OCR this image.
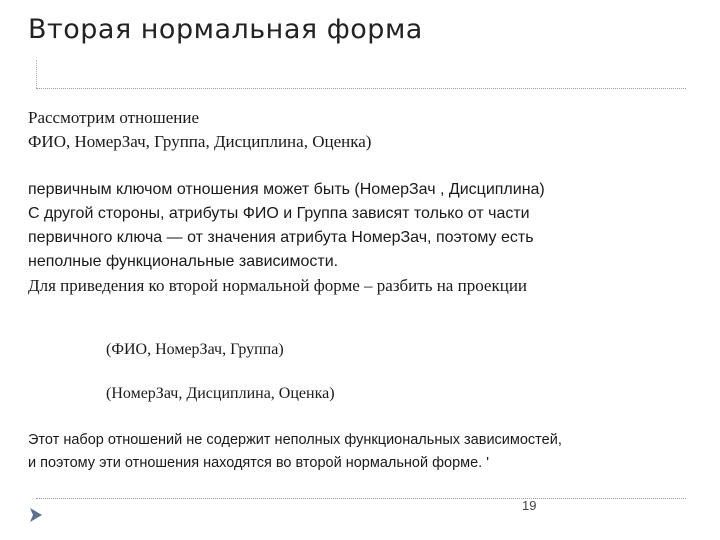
Вторая нормальная форма

Рассмотрим отношение

ФИО, НомерЗач, Группа, Дисциплина, Оценка)

первичным ключом отношения может быть (НомерЗач , Дисциплина)

С другой стороны, атрибуты ФИО и Группа зависят только от части

первичного ключа — от значения атрибута НомерЗач, поэтому есть

неполные функциональные зависимости.

Для приведения ко второй нормальной форме – разбить на проекции

(ФИО, НомерЗач, Группа)

(НомерЗач, Дисциплина, Оценка)

Этот набор отношений не содержит неполных функциональных зависимостей,

и поэтому эти отношения находятся во второй нормальной форме. '

19
